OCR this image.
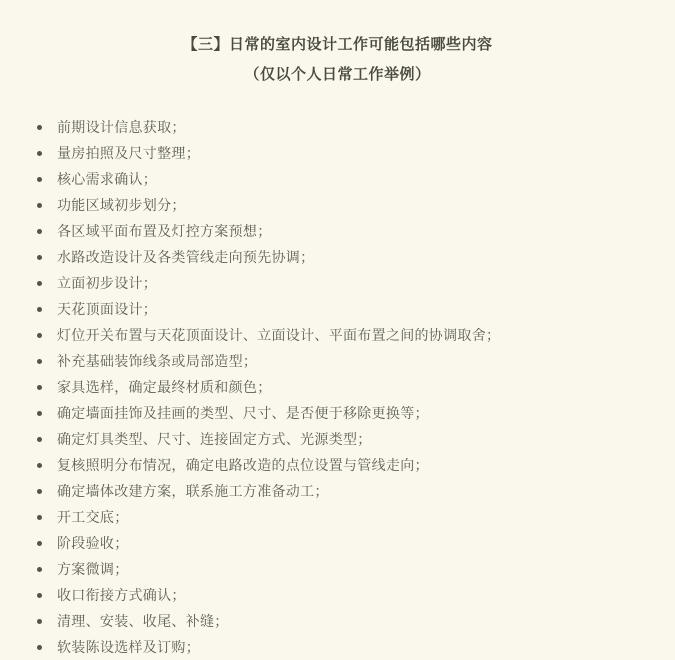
【三】日常的室内设计工作可能包括哪些内容
（仅以个人日常工作举例）
前期设计信息获取；
量房拍照及尺寸整理；
核心需求确认；
功能区域初步划分；
各区域平面布置及灯控方案预想；
水路改造设计及各类管线走向预先协调；
立面初步设计；
天花顶面设计；
灯位开关布置与天花顶面设计、立面设计、平面布置之间的协调取舍；
补充基础装饰线条或局部造型；
家具选样，确定最终材质和颜色；
确定墙面挂饰及挂画的类型、尺寸、是否便于移除更换等；
确定灯具类型、尺寸、连接固定方式、光源类型；
复核照明分布情况，确定电路改造的点位设置与管线走向；
确定墙体改建方案，联系施工方准备动工；
开工交底；
阶段验收；
方案微调；
收口衔接方式确认；
清理、安装、收尾、补缝；
软装陈设选样及订购；
